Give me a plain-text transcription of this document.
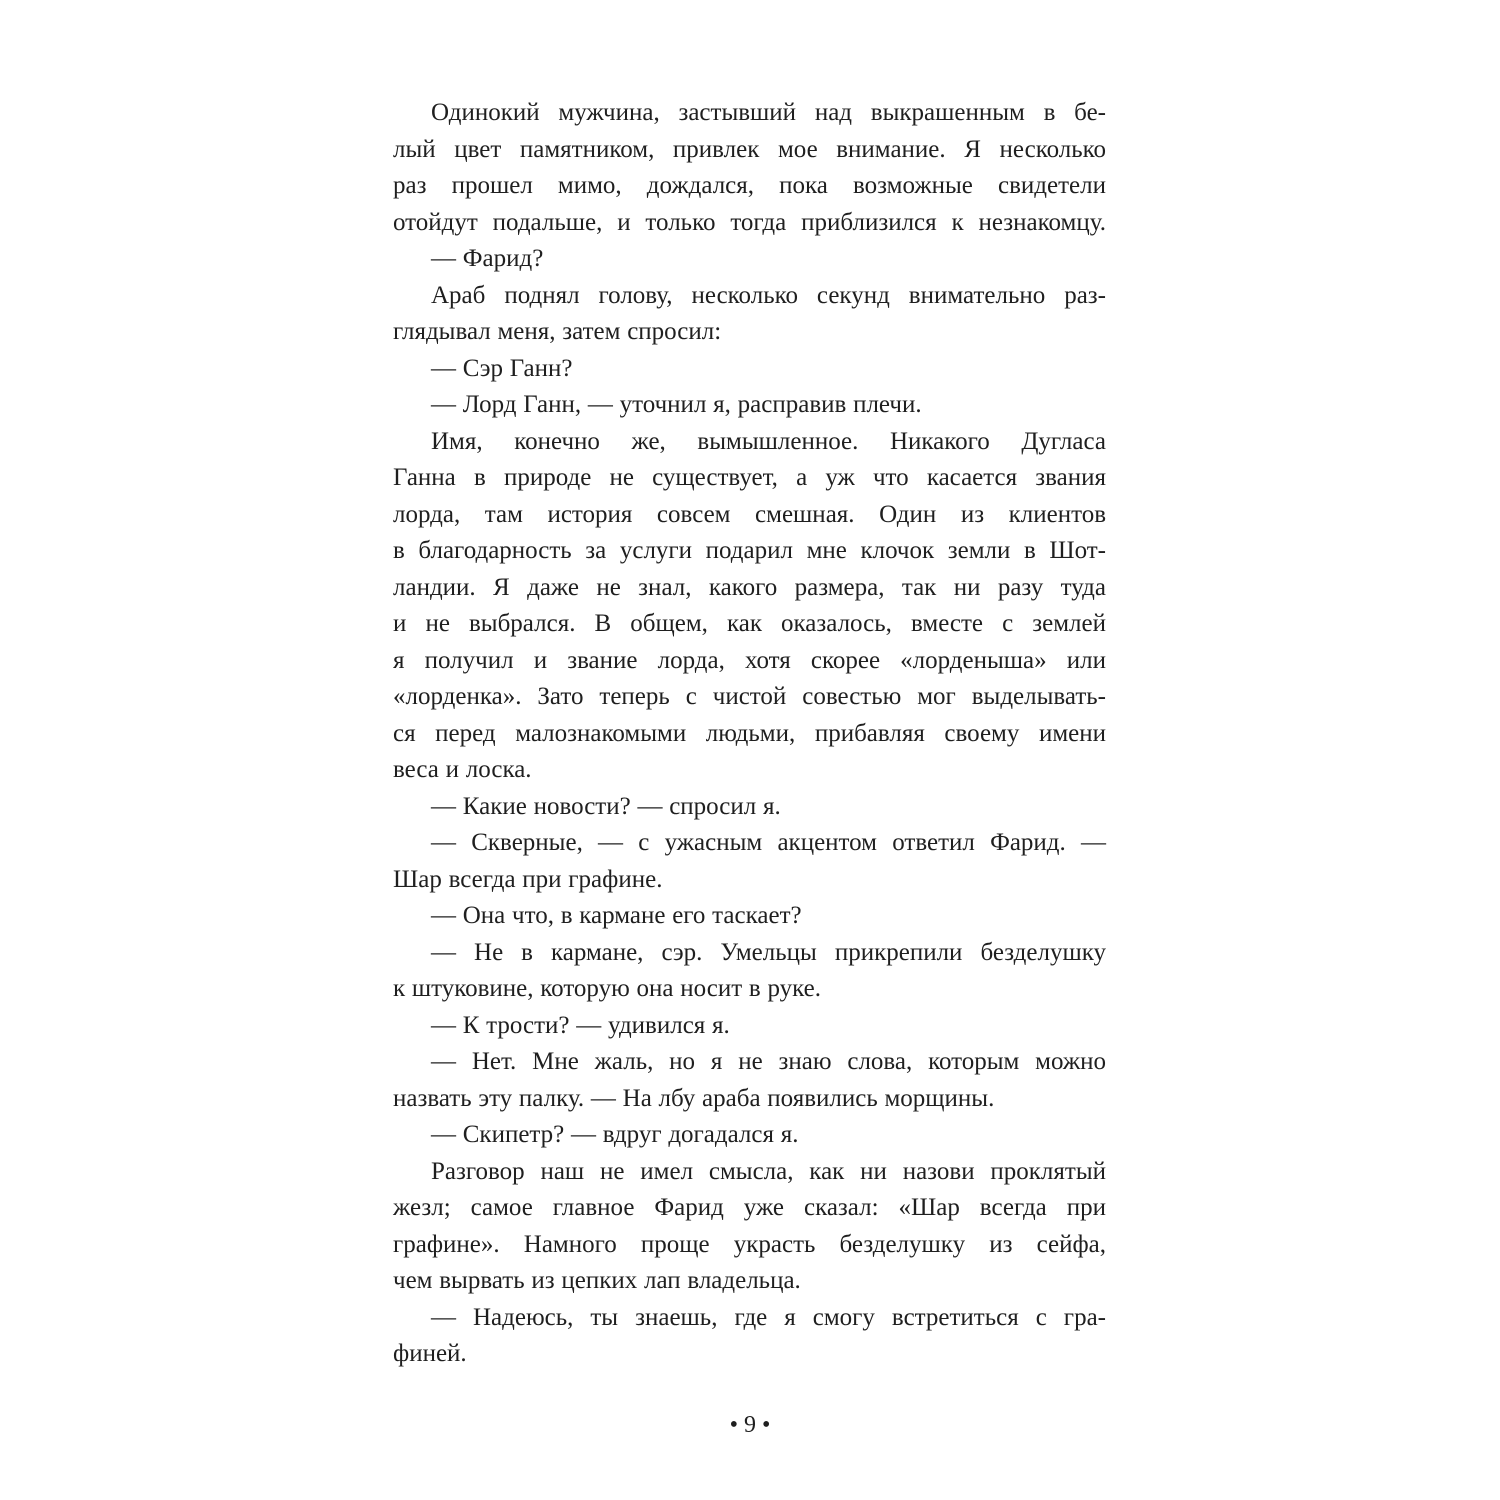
Одинокий мужчина, застывший над выкрашенным в бе-
лый цвет памятником, привлек мое внимание. Я несколько
раз прошел мимо, дождался, пока возможные свидетели
отойдут подальше, и только тогда приблизился к незнакомцу.
— Фарид?
Араб поднял голову, несколько секунд внимательно раз-
глядывал меня, затем спросил:
— Сэр Ганн?
— Лорд Ганн, — уточнил я, расправив плечи.
Имя, конечно же, вымышленное. Никакого Дугласа
Ганна в природе не существует, а уж что касается звания
лорда, там история совсем смешная. Один из клиентов
в благодарность за услуги подарил мне клочок земли в Шот-
ландии. Я даже не знал, какого размера, так ни разу туда
и не выбрался. В общем, как оказалось, вместе с землей
я получил и звание лорда, хотя скорее «лорденыша» или
«лорденка». Зато теперь с чистой совестью мог выделывать-
ся перед малознакомыми людьми, прибавляя своему имени
веса и лоска.
— Какие новости? — спросил я.
— Скверные, — с ужасным акцентом ответил Фарид. —
Шар всегда при графине.
— Она что, в кармане его таскает?
— Не в кармане, сэр. Умельцы прикрепили безделушку
к штуковине, которую она носит в руке.
— К трости? — удивился я.
— Нет. Мне жаль, но я не знаю слова, которым можно
назвать эту палку. — На лбу араба появились морщины.
— Скипетр? — вдруг догадался я.
Разговор наш не имел смысла, как ни назови проклятый
жезл; самое главное Фарид уже сказал: «Шар всегда при
графине». Намного проще украсть безделушку из сейфа,
чем вырвать из цепких лап владельца.
— Надеюсь, ты знаешь, где я смогу встретиться с гра-
финей.
• 9 •
